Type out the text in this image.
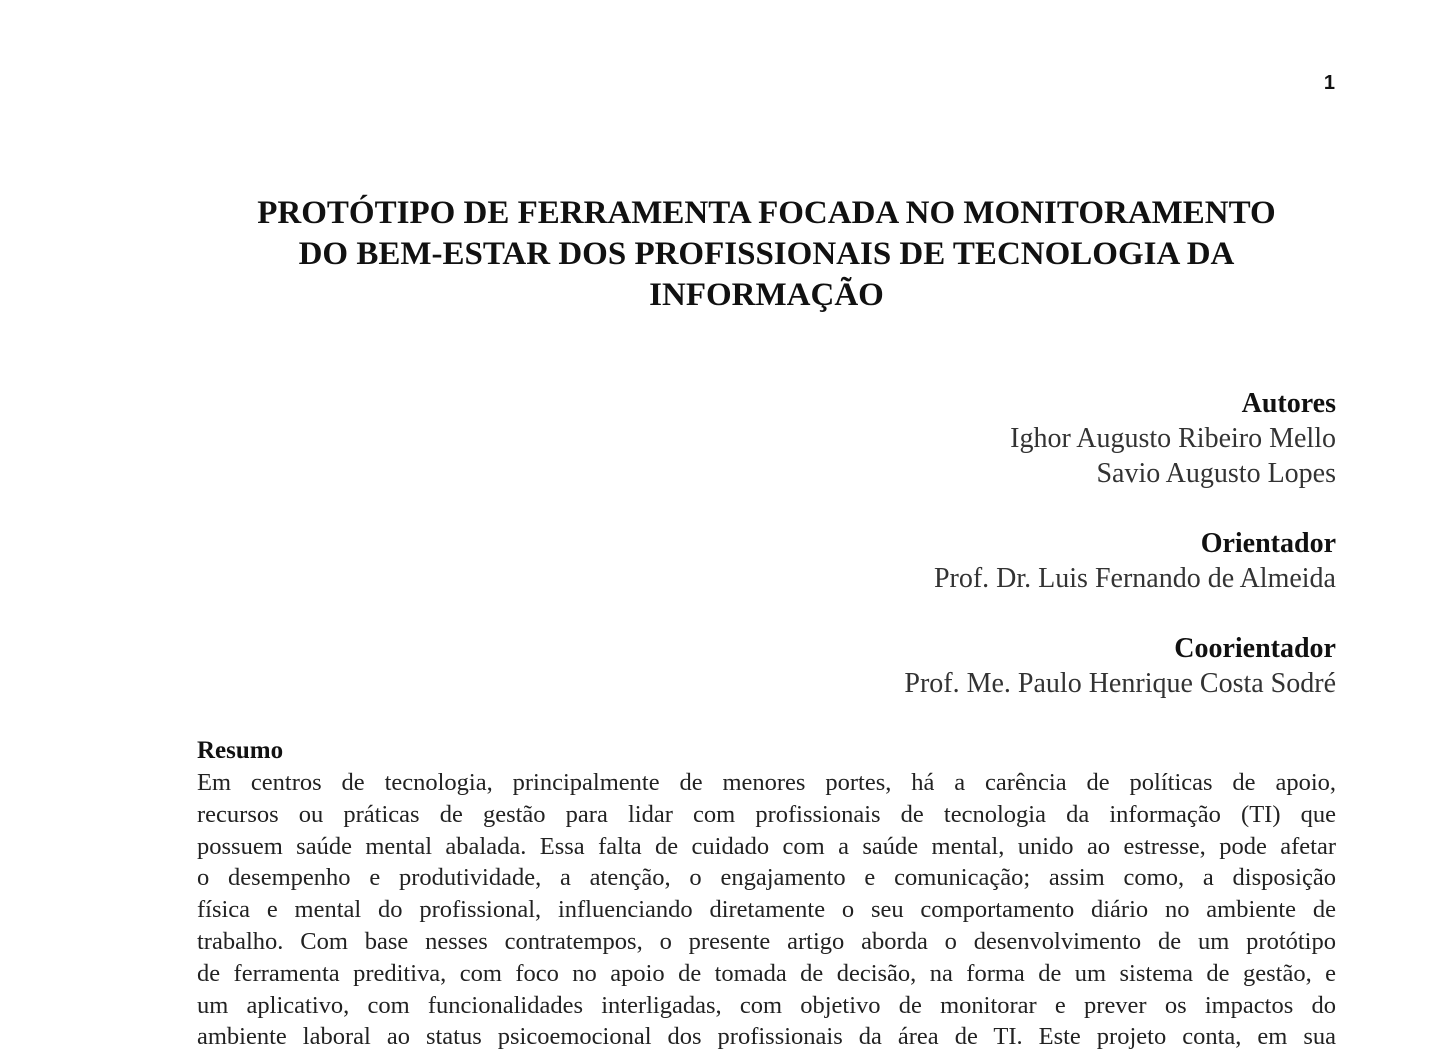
1
PROTÓTIPO DE FERRAMENTA FOCADA NO MONITORAMENTO
DO BEM-ESTAR DOS PROFISSIONAIS DE TECNOLOGIA DA
INFORMAÇÃO
Autores
Ighor Augusto Ribeiro Mello
Savio Augusto Lopes
Orientador
Prof. Dr. Luis Fernando de Almeida
Coorientador
Prof. Me. Paulo Henrique Costa Sodré
Resumo
Em centros de tecnologia, principalmente de menores portes, há a carência de políticas de apoio,
recursos ou práticas de gestão para lidar com profissionais de tecnologia da informação (TI) que
possuem saúde mental abalada. Essa falta de cuidado com a saúde mental, unido ao estresse, pode afetar
o desempenho e produtividade, a atenção, o engajamento e comunicação; assim como, a disposição
física e mental do profissional, influenciando diretamente o seu comportamento diário no ambiente de
trabalho. Com base nesses contratempos, o presente artigo aborda o desenvolvimento de um protótipo
de ferramenta preditiva, com foco no apoio de tomada de decisão, na forma de um sistema de gestão, e
um aplicativo, com funcionalidades interligadas, com objetivo de monitorar e prever os impactos do
ambiente laboral ao status psicoemocional dos profissionais da área de TI. Este projeto conta, em sua
